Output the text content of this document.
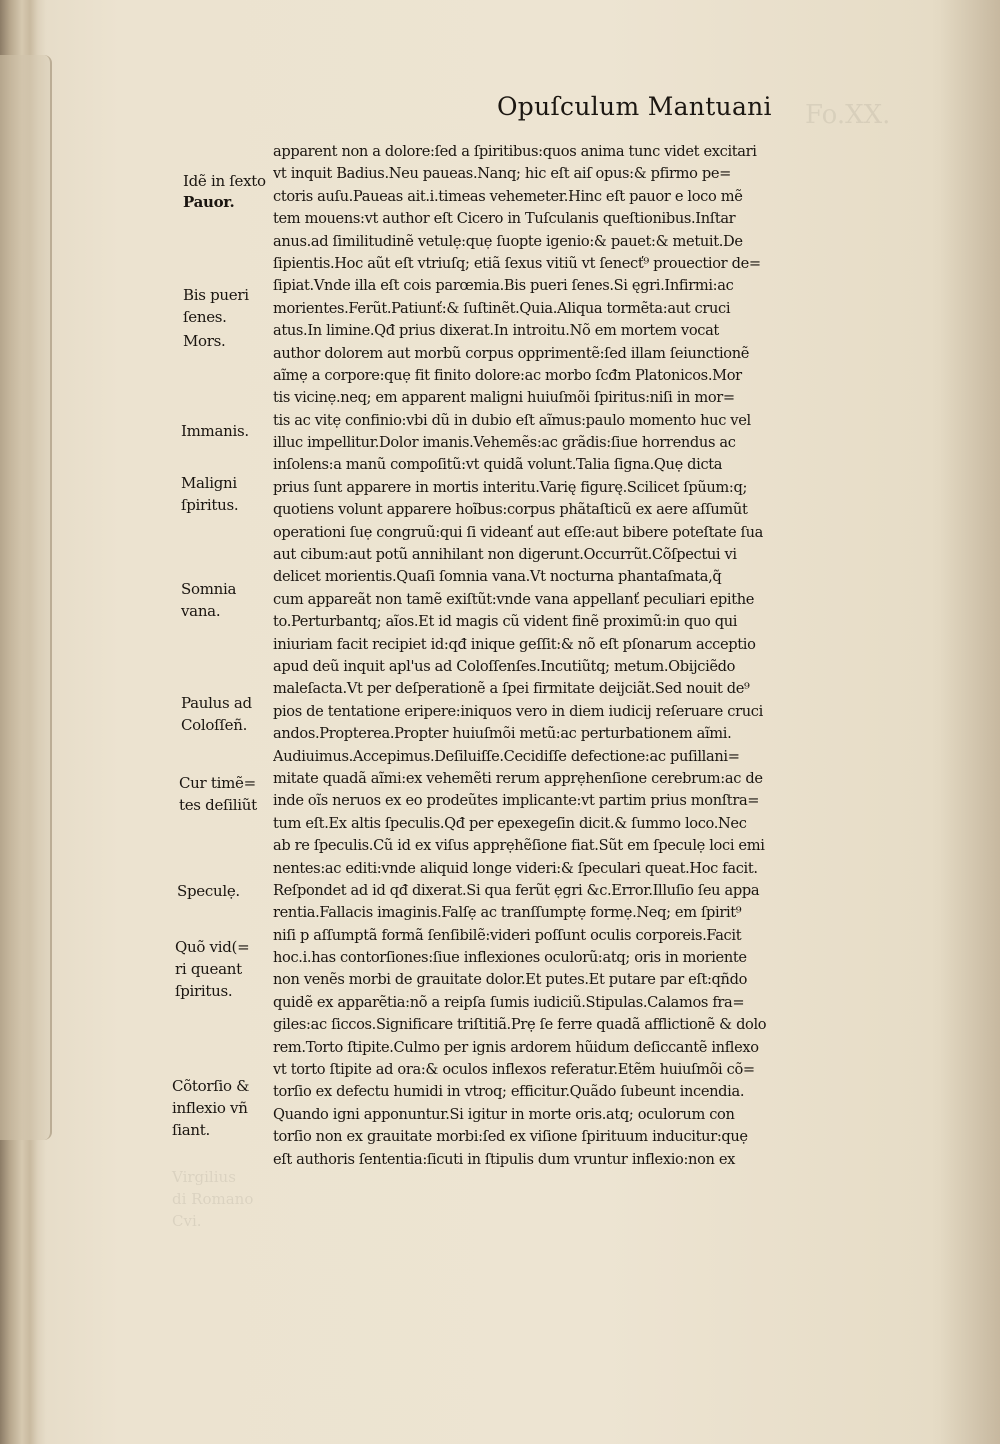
Fo.XX.
Opuſculum Mantuani
apparent non a dolore:ſed a ſpiritibus:quos anima tunc videt excitari
vt inquit Badius.Neu paueas.Nanq; hic eſt aiſ opus:& pfirmo pe=
ctoris auſu.Paueas ait.i.timeas vehemeter.Hinc eſt pauor e loco mẽ
tem mouens:vt author eſt Cicero in Tuſculanis queſtionibus.Inſtar
anus.ad ſimilitudinẽ vetulẹ:quẹ ſuopte igenio:& pauet:& metuit.De
ſipientis.Hoc aũt eſt vtriuſq; etiã ſexus vitiũ vt ſenecť⁹ prouectior de=
ſipiat.Vnde illa eſt cois parœmia.Bis pueri ſenes.Si ęgri.Infirmi:ac
morientes.Ferũt.Patiunť:& ſuſtinẽt.Quia.Aliqua tormẽta:aut cruci
atus.In limine.Qđ prius dixerat.In introitu.Nõ em mortem vocat
author dolorem aut morbũ corpus opprimentẽ:ſed illam ſeiunctionẽ
aĩmẹ a corpore:quẹ fit finito dolore:ac morbo ſcđm Platonicos.Mor
tis vicinẹ.neq; em apparent maligni huiuſmõi ſpiritus:niſi in mor=
tis ac vitẹ confinio:vbi dũ in dubio eſt aĩmus:paulo momento huc vel
illuc impellitur.Dolor imanis.Vehemẽs:ac grãdis:ſiue horrendus ac
inſolens:a manũ compoſitũ:vt quidã volunt.Talia ſigna.Quẹ dicta
prius ſunt apparere in mortis interitu.Varię figurę.Scilicet ſpũum:q;
quotiens volunt apparere hoĩbus:corpus phãtaſticũ ex aere aſſumũt
operationi ſuẹ congruũ:qui ſi videanť aut eſſe:aut bibere poteſtate ſua
aut cibum:aut potũ annihilant non digerunt.Occurrũt.Cõſpectui vi
delicet morientis.Quaſi ſomnia vana.Vt nocturna phantaſmata,q̃
cum appareãt non tamẽ exiſtũt:vnde vana appellanť peculiari epithe
to.Perturbantq; aĩos.Et id magis cũ vident finẽ proximũ:in quo qui
iniuriam facit recipiet id:qđ inique geſſit:& nõ eſt pſonarum acceptio
apud deũ inquit apl'us ad Coloſſenſes.Incutiũtq; metum.Obijciẽdo
maleſacta.Vt per deſperationẽ a ſpei firmitate deijciãt.Sed nouit de⁹
pios de tentatione eripere:iniquos vero in diem iudicij reſeruare cruci
andos.Propterea.Propter huiuſmõi metũ:ac perturbationem aĩmi.
Audiuimus.Accepimus.Deſiluiſſe.Cecidiſſe defectione:ac puſillani=
mitate quadã aĩmi:ex vehemẽti rerum apprẹhenſione cerebrum:ac de
inde oĩs neruos ex eo prodeũtes implicante:vt partim prius monſtra=
tum eſt.Ex altis ſpeculis.Qđ per epexegeſin dicit.& ſummo loco.Nec
ab re ſpeculis.Cũ id ex viſus apprẹhẽſione fiat.Sũt em ſpeculẹ loci emi
nentes:ac editi:vnde aliquid longe videri:& ſpeculari queat.Hoc facit.
Reſpondet ad id qđ dixerat.Si qua ferũt ẹgri &c.Error.Illuſio ſeu appa
rentia.Fallacis imaginis.Falſẹ ac tranſſumptẹ formẹ.Neq; em ſpirit⁹
niſi p aſſumptã formã ſenſibilẽ:videri poſſunt oculis corporeis.Facit
hoc.i.has contorſiones:ſiue inflexiones oculorũ:atq; oris in moriente
non venẽs morbi de grauitate dolor.Et putes.Et putare par eſt:qñdo
quidẽ ex apparẽtia:nõ a reipſa ſumis iudiciũ.Stipulas.Calamos fra=
giles:ac ſiccos.Significare triſtitiã.Prẹ ſe ferre quadã afflictionẽ & dolo
rem.Torto ſtipite.Culmo per ignis ardorem hũidum deſiccantẽ inflexo
vt torto ſtipite ad ora:& oculos inflexos referatur.Etẽm huiuſmõi cõ=
torſio ex defectu humidi in vtroq; efficitur.Quãdo ſubeunt incendia.
Quando igni apponuntur.Si igitur in morte oris.atq; oculorum con
torſio non ex grauitate morbi:ſed ex viſione ſpirituum inducitur:quẹ
eſt authoris ſententia:ſicuti in ſtipulis dum vruntur inflexio:non ex
Idẽ in ſexto
Pauor.
Bis pueri
ſenes.
Mors.
Immanis.
Maligni
ſpiritus.
Somnia
vana.
Paulus ad
Coloſſeñ.
Cur timẽ=
tes deſiliũt
Speculẹ.
Quõ vid(=
ri queant
ſpiritus.
Cõtorſio &
inflexio vñ
ſiant.
Virgilius
di Romano
Cvi.
